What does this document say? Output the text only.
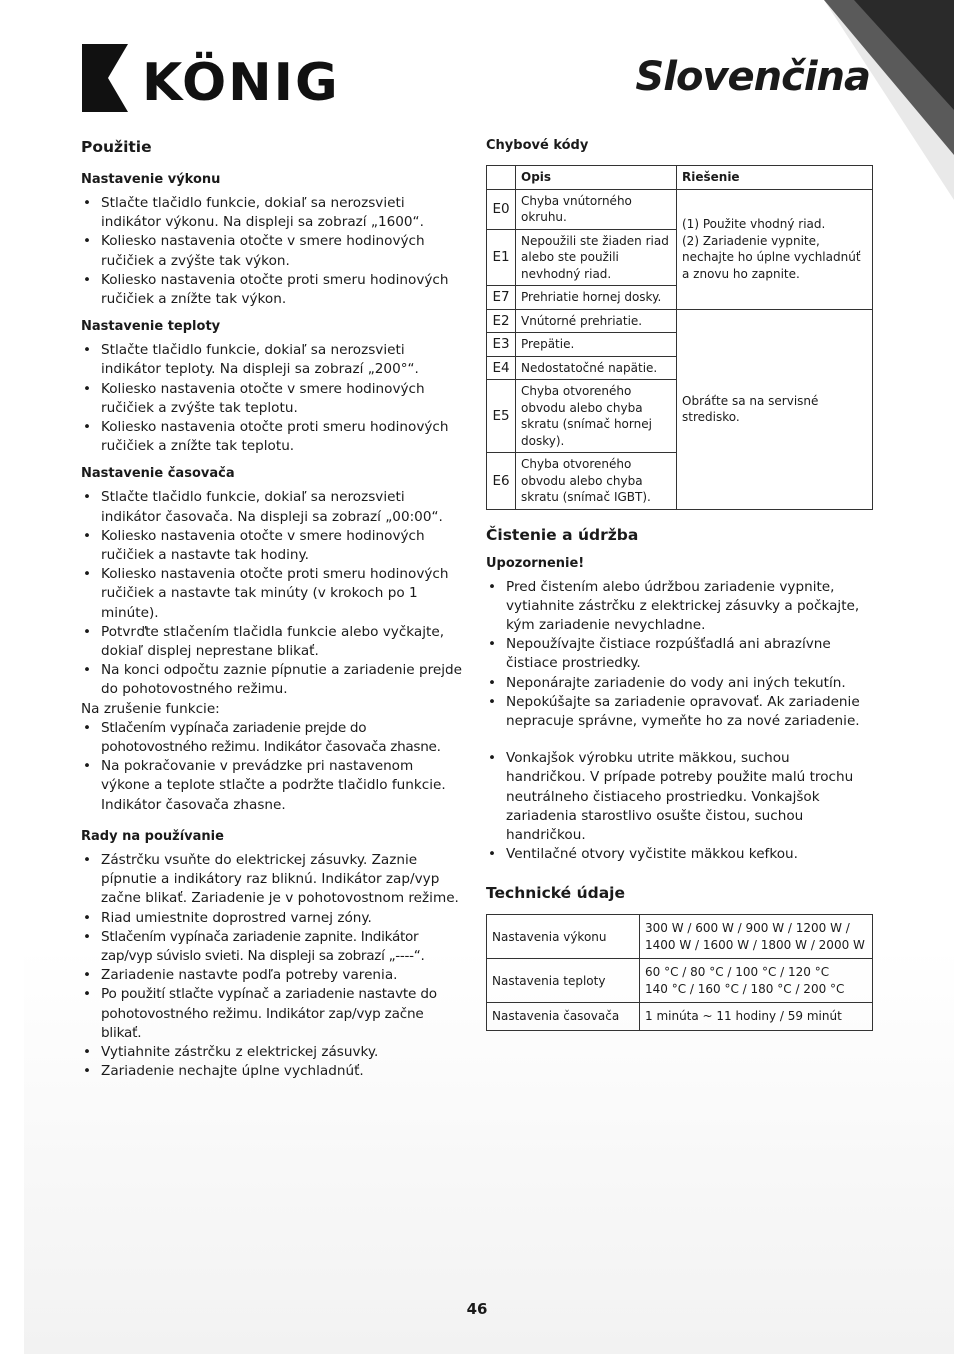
KÖNIG	Slovenčina
Použitie
Nastavenie výkonu
• Stlačte tlačidlo funkcie, dokiaľ sa nerozsvieti indikátor výkonu. Na displeji sa zobrazí „1600“.
• Koliesko nastavenia otočte v smere hodinových ručičiek a zvýšte tak výkon.
• Koliesko nastavenia otočte proti smeru hodinových ručičiek a znížte tak výkon.
Nastavenie teploty
• Stlačte tlačidlo funkcie, dokiaľ sa nerozsvieti indikátor teploty. Na displeji sa zobrazí „200°“.
• Koliesko nastavenia otočte v smere hodinových ručičiek a zvýšte tak teplotu.
• Koliesko nastavenia otočte proti smeru hodinových ručičiek a znížte tak teplotu.
Nastavenie časovača
• Stlačte tlačidlo funkcie, dokiaľ sa nerozsvieti indikátor časovača. Na displeji sa zobrazí „00:00“.
• Koliesko nastavenia otočte v smere hodinových ručičiek a nastavte tak hodiny.
• Koliesko nastavenia otočte proti smeru hodinových ručičiek a nastavte tak minúty (v krokoch po 1 minúte).
• Potvrďte stlačením tlačidla funkcie alebo vyčkajte, dokiaľ displej neprestane blikať.
• Na konci odpočtu zaznie pípnutie a zariadenie prejde do pohotovostného režimu.

Na zrušenie funkcie:

• Stlačením vypínača zariadenie prejde do pohotovostného režimu. Indikátor časovača zhasne.
• Na pokračovanie v prevádzke pri nastavenom výkone a teplote stlačte a podržte tlačidlo funkcie. Indikátor časovača zhasne.
Rady na používanie
• Zástrčku vsuňte do elektrickej zásuvky. Zaznie pípnutie a indikátory raz bliknú. Indikátor zap/vyp začne blikať. Zariadenie je v pohotovostnom režime.
• Riad umiestnite doprostred varnej zóny.
• Stlačením vypínača zariadenie zapnite. Indikátor zap/vyp súvislo svieti. Na displeji sa zobrazí „----“.
• Zariadenie nastavte podľa potreby varenia.
• Po použití stlačte vypínač a zariadenie nastavte do pohotovostného režimu. Indikátor zap/vyp začne blikať.
• Vytiahnite zástrčku z elektrickej zásuvky.
• Zariadenie nechajte úplne vychladnúť.
Chybové kódy
	Opis	Riešenie
E0	Chyba vnútorného okruhu.	(1) Použite vhodný riad.
(2) Zariadenie vypnite, nechajte ho úplne vychladnúť a znovu ho zapnite.
E1	Nepoužili ste žiaden riad alebo ste použili nevhodný riad.	
E7	Prehriatie hornej dosky.	
E2	Vnútorné prehriatie.	Obráťte sa na servisné stredisko.
E3	Prepätie.	
E4	Nedostatočné napätie.	
E5	Chyba otvoreného obvodu alebo chyba skratu (snímač hornej dosky).	
E6	Chyba otvoreného obvodu alebo chyba skratu (snímač IGBT).	
Čistenie a údržba
Upozornenie!
• Pred čistením alebo údržbou zariadenie vypnite, vytiahnite zástrčku z elektrickej zásuvky a počkajte, kým zariadenie nevychladne.
• Nepoužívajte čistiace rozpúšťadlá ani abrazívne čistiace prostriedky.
• Neponárajte zariadenie do vody ani iných tekutín.
• Nepokúšajte sa zariadenie opravovať. Ak zariadenie nepracuje správne, vymeňte ho za nové zariadenie.
• Vonkajšok výrobku utrite mäkkou, suchou handričkou. V prípade potreby použite malú trochu neutrálneho čistiaceho prostriedku. Vonkajšok zariadenia starostlivo osušte čistou, suchou handričkou.
• Ventilačné otvory vyčistite mäkkou kefkou.
Technické údaje
Nastavenia výkonu	300 W / 600 W / 900 W / 1200 W / 1400 W / 1600 W / 1800 W / 2000 W
Nastavenia teploty	60 °C / 80 °C / 100 °C / 120 °C
140 °C / 160 °C / 180 °C / 200 °C
Nastavenia časovača	1 minúta ~ 11 hodiny / 59 minút
46
